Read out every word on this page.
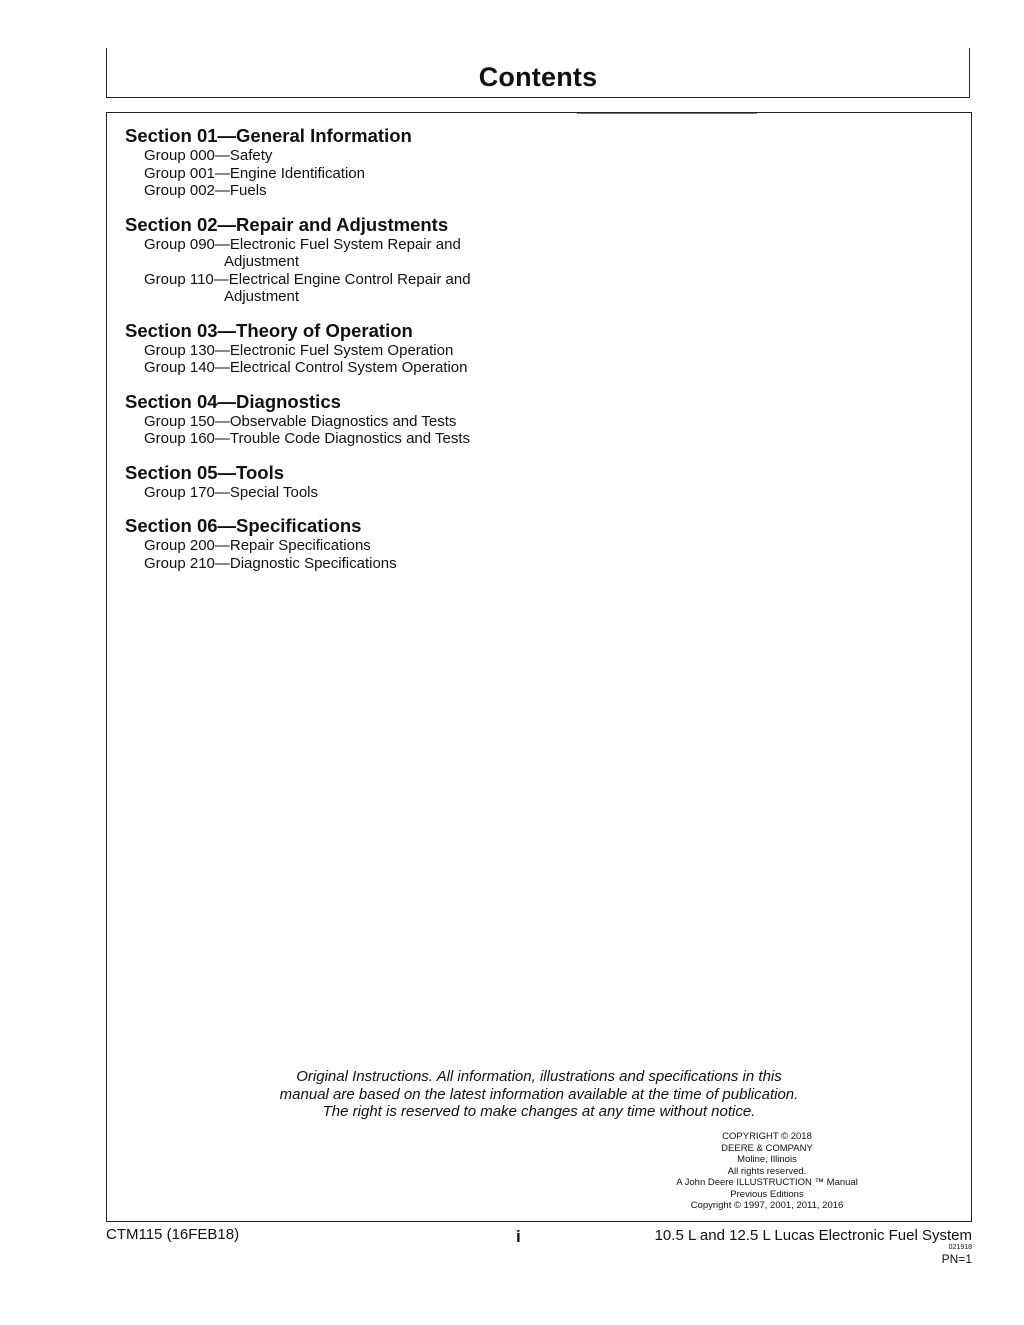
Contents
Section 01—General Information
Group 000—Safety
Group 001—Engine Identification
Group 002—Fuels
Section 02—Repair and Adjustments
Group 090—Electronic Fuel System Repair and
Adjustment
Group 110—Electrical Engine Control Repair and
Adjustment
Section 03—Theory of Operation
Group 130—Electronic Fuel System Operation
Group 140—Electrical Control System Operation
Section 04—Diagnostics
Group 150—Observable Diagnostics and Tests
Group 160—Trouble Code Diagnostics and Tests
Section 05—Tools
Group 170—Special Tools
Section 06—Specifications
Group 200—Repair Specifications
Group 210—Diagnostic Specifications
Original Instructions. All information, illustrations and specifications in this
manual are based on the latest information available at the time of publication.
The right is reserved to make changes at any time without notice.
COPYRIGHT © 2018
DEERE & COMPANY
Moline, Illinois
All rights reserved.
A John Deere ILLUSTRUCTION ™ Manual
Previous Editions
Copyright © 1997, 2001, 2011, 2016
CTM115 (16FEB18)	i	10.5 L and 12.5 L Lucas Electronic Fuel System
021918
PN=1
